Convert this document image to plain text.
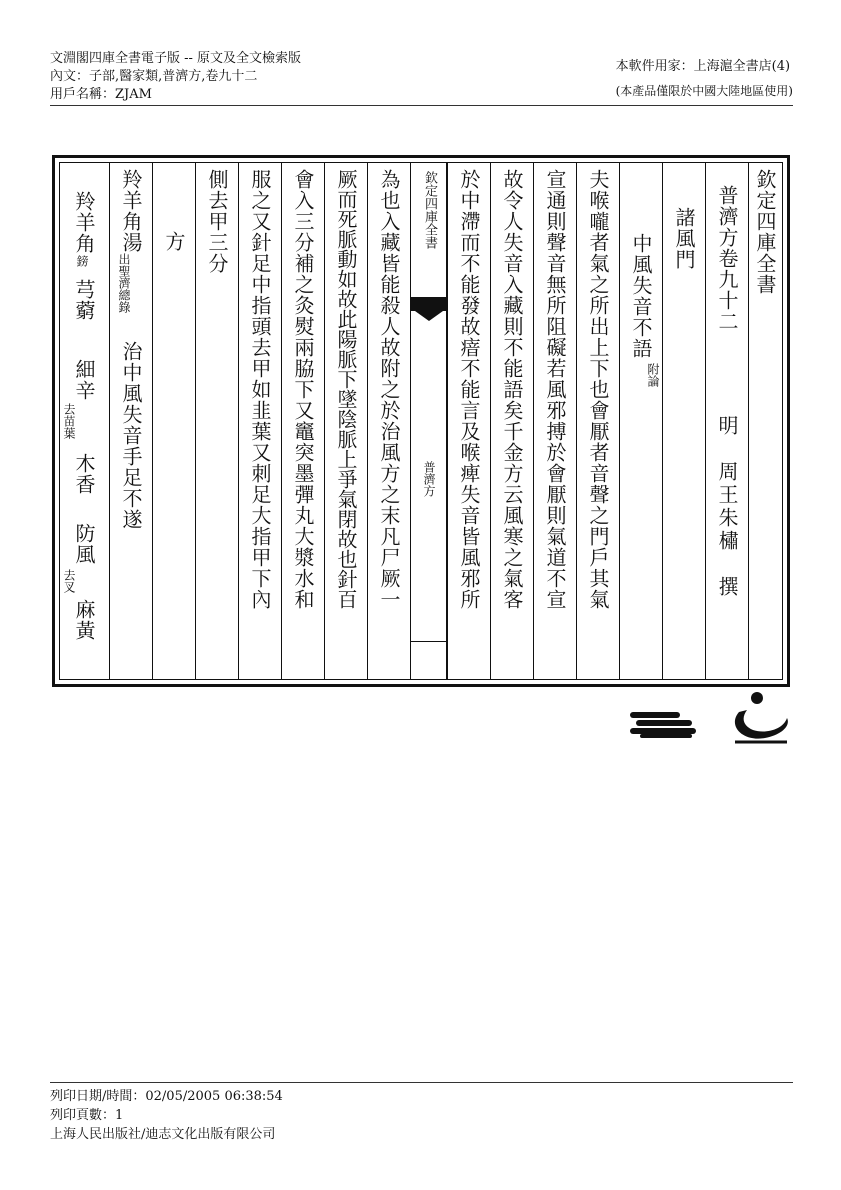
文淵閣四庫全書電子版 -- 原文及全文檢索版
內文：子部,醫家類,普濟方,卷九十二
用戶名稱：ZJAM
本軟件用家：上海滬全書店(4)
(本產品僅限於中國大陸地區使用)
欽定四庫全書
普濟方卷九十二
明　周王朱橚　撰
諸風門
中風失音不語
附論
夫喉嚨者氣之所出上下也會厭者音聲之門戶其氣
宣通則聲音無所阻礙若風邪搏於會厭則氣道不宣
故令人失音入藏則不能語矣千金方云風寒之氣客
於中滯而不能發故瘖不能言及喉痺失音皆風邪所
欽定四庫全書
普濟方
為也入藏皆能殺人故附之於治風方之末凡尸厥一
厥而死脈動如故此陽脈下墜陰脈上爭氣閉故也針百
會入三分補之灸熨兩脇下又竈突墨彈丸大漿水和
服之又針足中指頭去甲如韭葉又刺足大指甲下內
側去甲三分
方
羚羊角湯
出聖濟總錄
治中風失音手足不遂
羚羊角
鎊
芎藭
細辛
去苗葉
木香
防風
去叉
麻黃
列印日期/時間：02/05/2005 06:38:54
列印頁數：1
上海人民出版社/迪志文化出版有限公司
